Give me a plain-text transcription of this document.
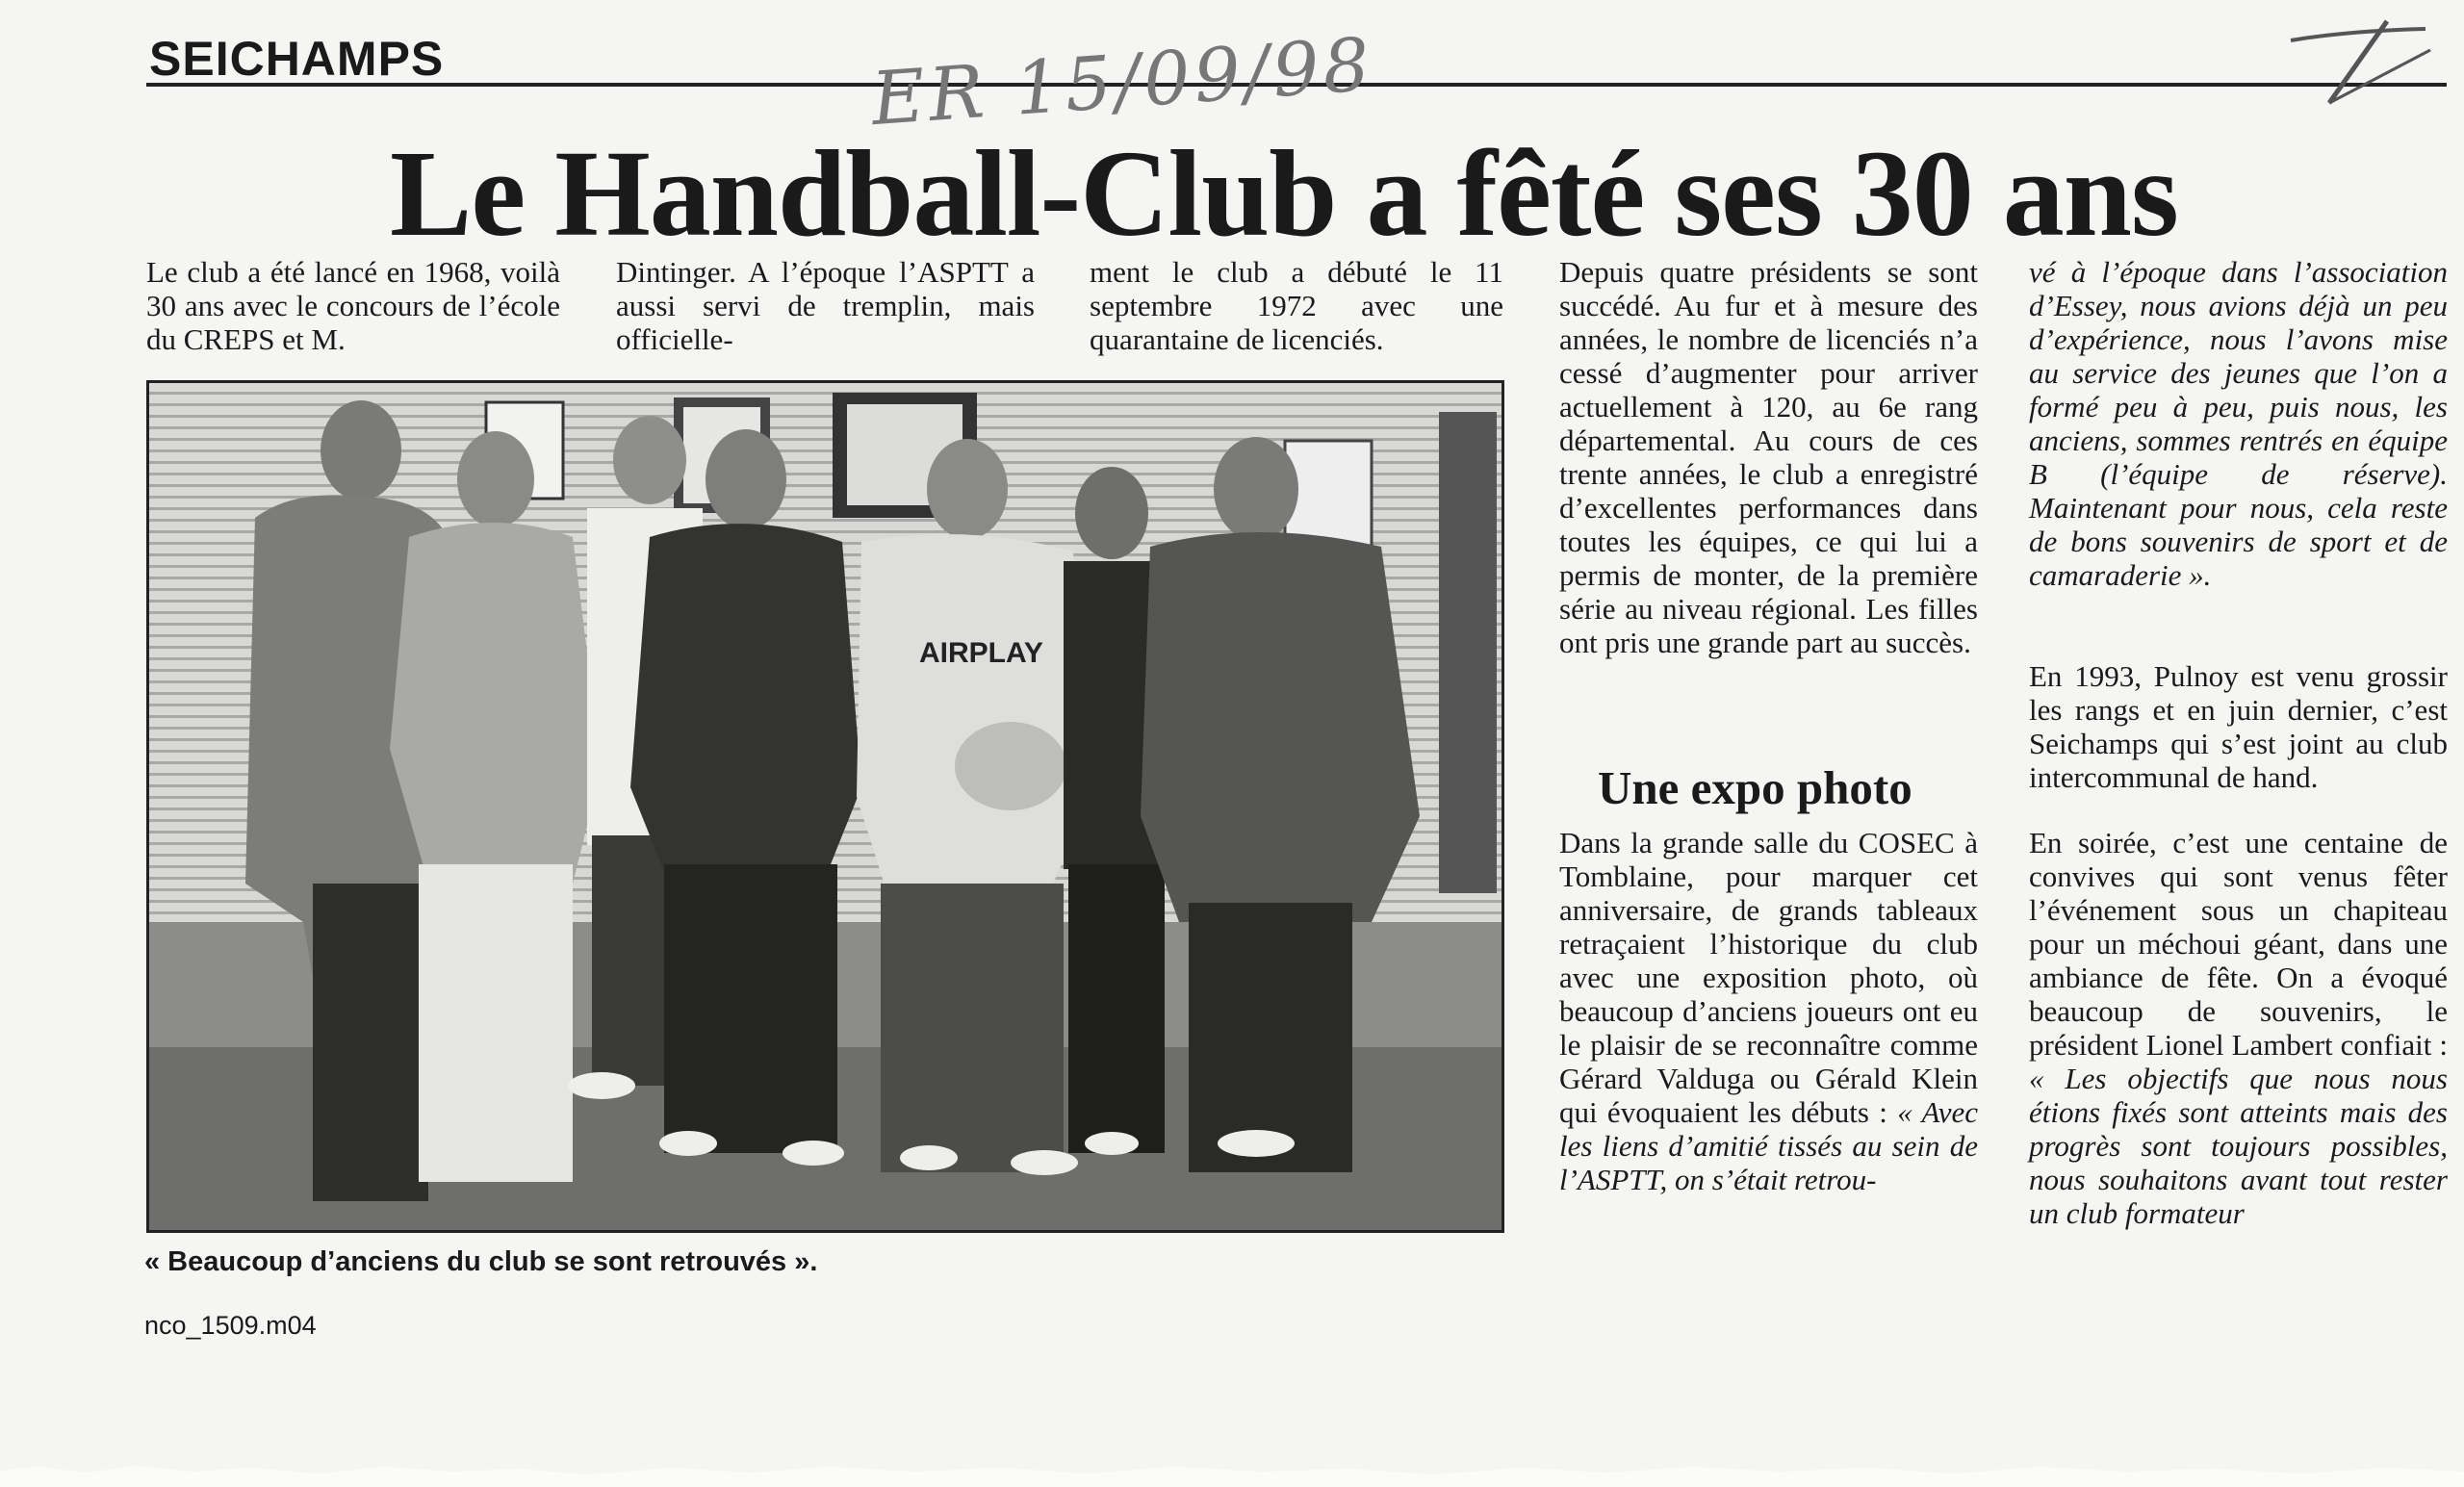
SEICHAMPS	ER 15/09/98
Le Handball-Club a fêté ses 30 ans
Le club a été lancé en 1968, voilà 30 ans avec le concours de l’école du CREPS et M.
Dintinger. A l’époque l’ASPTT a aussi servi de tremplin, mais officielle-
ment le club a débuté le 11 septembre 1972 avec une quarantaine de licenciés.
Depuis quatre présidents se sont succédé. Au fur et à mesure des années, le nombre de licenciés n’a cessé d’augmenter pour arriver actuellement à 120, au 6e rang départemental. Au cours de ces trente années, le club a enregistré d’excellentes performances dans toutes les équipes, ce qui lui a permis de monter, de la première série au niveau régional. Les filles ont pris une grande part au succès.
Une expo photo
Dans la grande salle du COSEC à Tomblaine, pour marquer cet anniversaire, de grands tableaux retraçaient l’historique du club avec une exposition photo, où beaucoup d’anciens joueurs ont eu le plaisir de se reconnaître comme Gérard Valduga ou Gérald Klein qui évoquaient les débuts : « Avec les liens d’amitié tissés au sein de l’ASPTT, on s’était retrou-
vé à l’époque dans l’association d’Essey, nous avions déjà un peu d’expérience, nous l’avons mise au service des jeunes que l’on a formé peu à peu, puis nous, les anciens, sommes rentrés en équipe B (l’équipe de réserve). Maintenant pour nous, cela reste de bons souvenirs de sport et de camaraderie ».
En 1993, Pulnoy est venu grossir les rangs et en juin dernier, c’est Seichamps qui s’est joint au club intercommunal de hand.
En soirée, c’est une centaine de convives qui sont venus fêter l’événement sous un chapiteau pour un méchoui géant, dans une ambiance de fête. On a évoqué beaucoup de souvenirs, le président Lionel Lambert confiait : « Les objectifs que nous nous étions fixés sont atteints mais des progrès sont toujours possibles, nous souhaitons avant tout rester un club formateur
AIRPLAY
« Beaucoup d’anciens du club se sont retrouvés ».
nco_1509.m04
